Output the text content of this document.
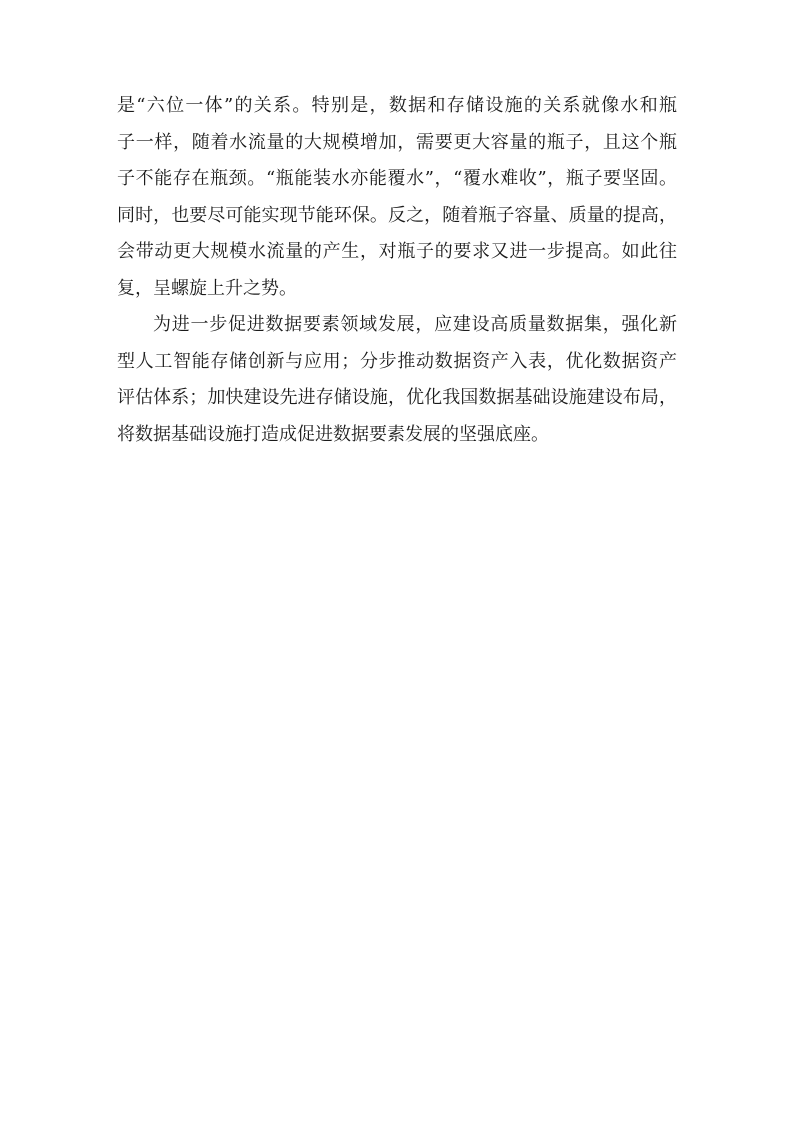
是“六位一体”的关系。特别是，数据和存储设施的关系就像水和瓶
子一样，随着水流量的大规模增加，需要更大容量的瓶子，且这个瓶
子不能存在瓶颈。“瓶能装水亦能覆水”，“覆水难收”，瓶子要坚固。
同时，也要尽可能实现节能环保。反之，随着瓶子容量、质量的提高，
会带动更大规模水流量的产生，对瓶子的要求又进一步提高。如此往
复，呈螺旋上升之势。
为进一步促进数据要素领域发展，应建设高质量数据集，强化新
型人工智能存储创新与应用；分步推动数据资产入表，优化数据资产
评估体系；加快建设先进存储设施，优化我国数据基础设施建设布局，
将数据基础设施打造成促进数据要素发展的坚强底座。
